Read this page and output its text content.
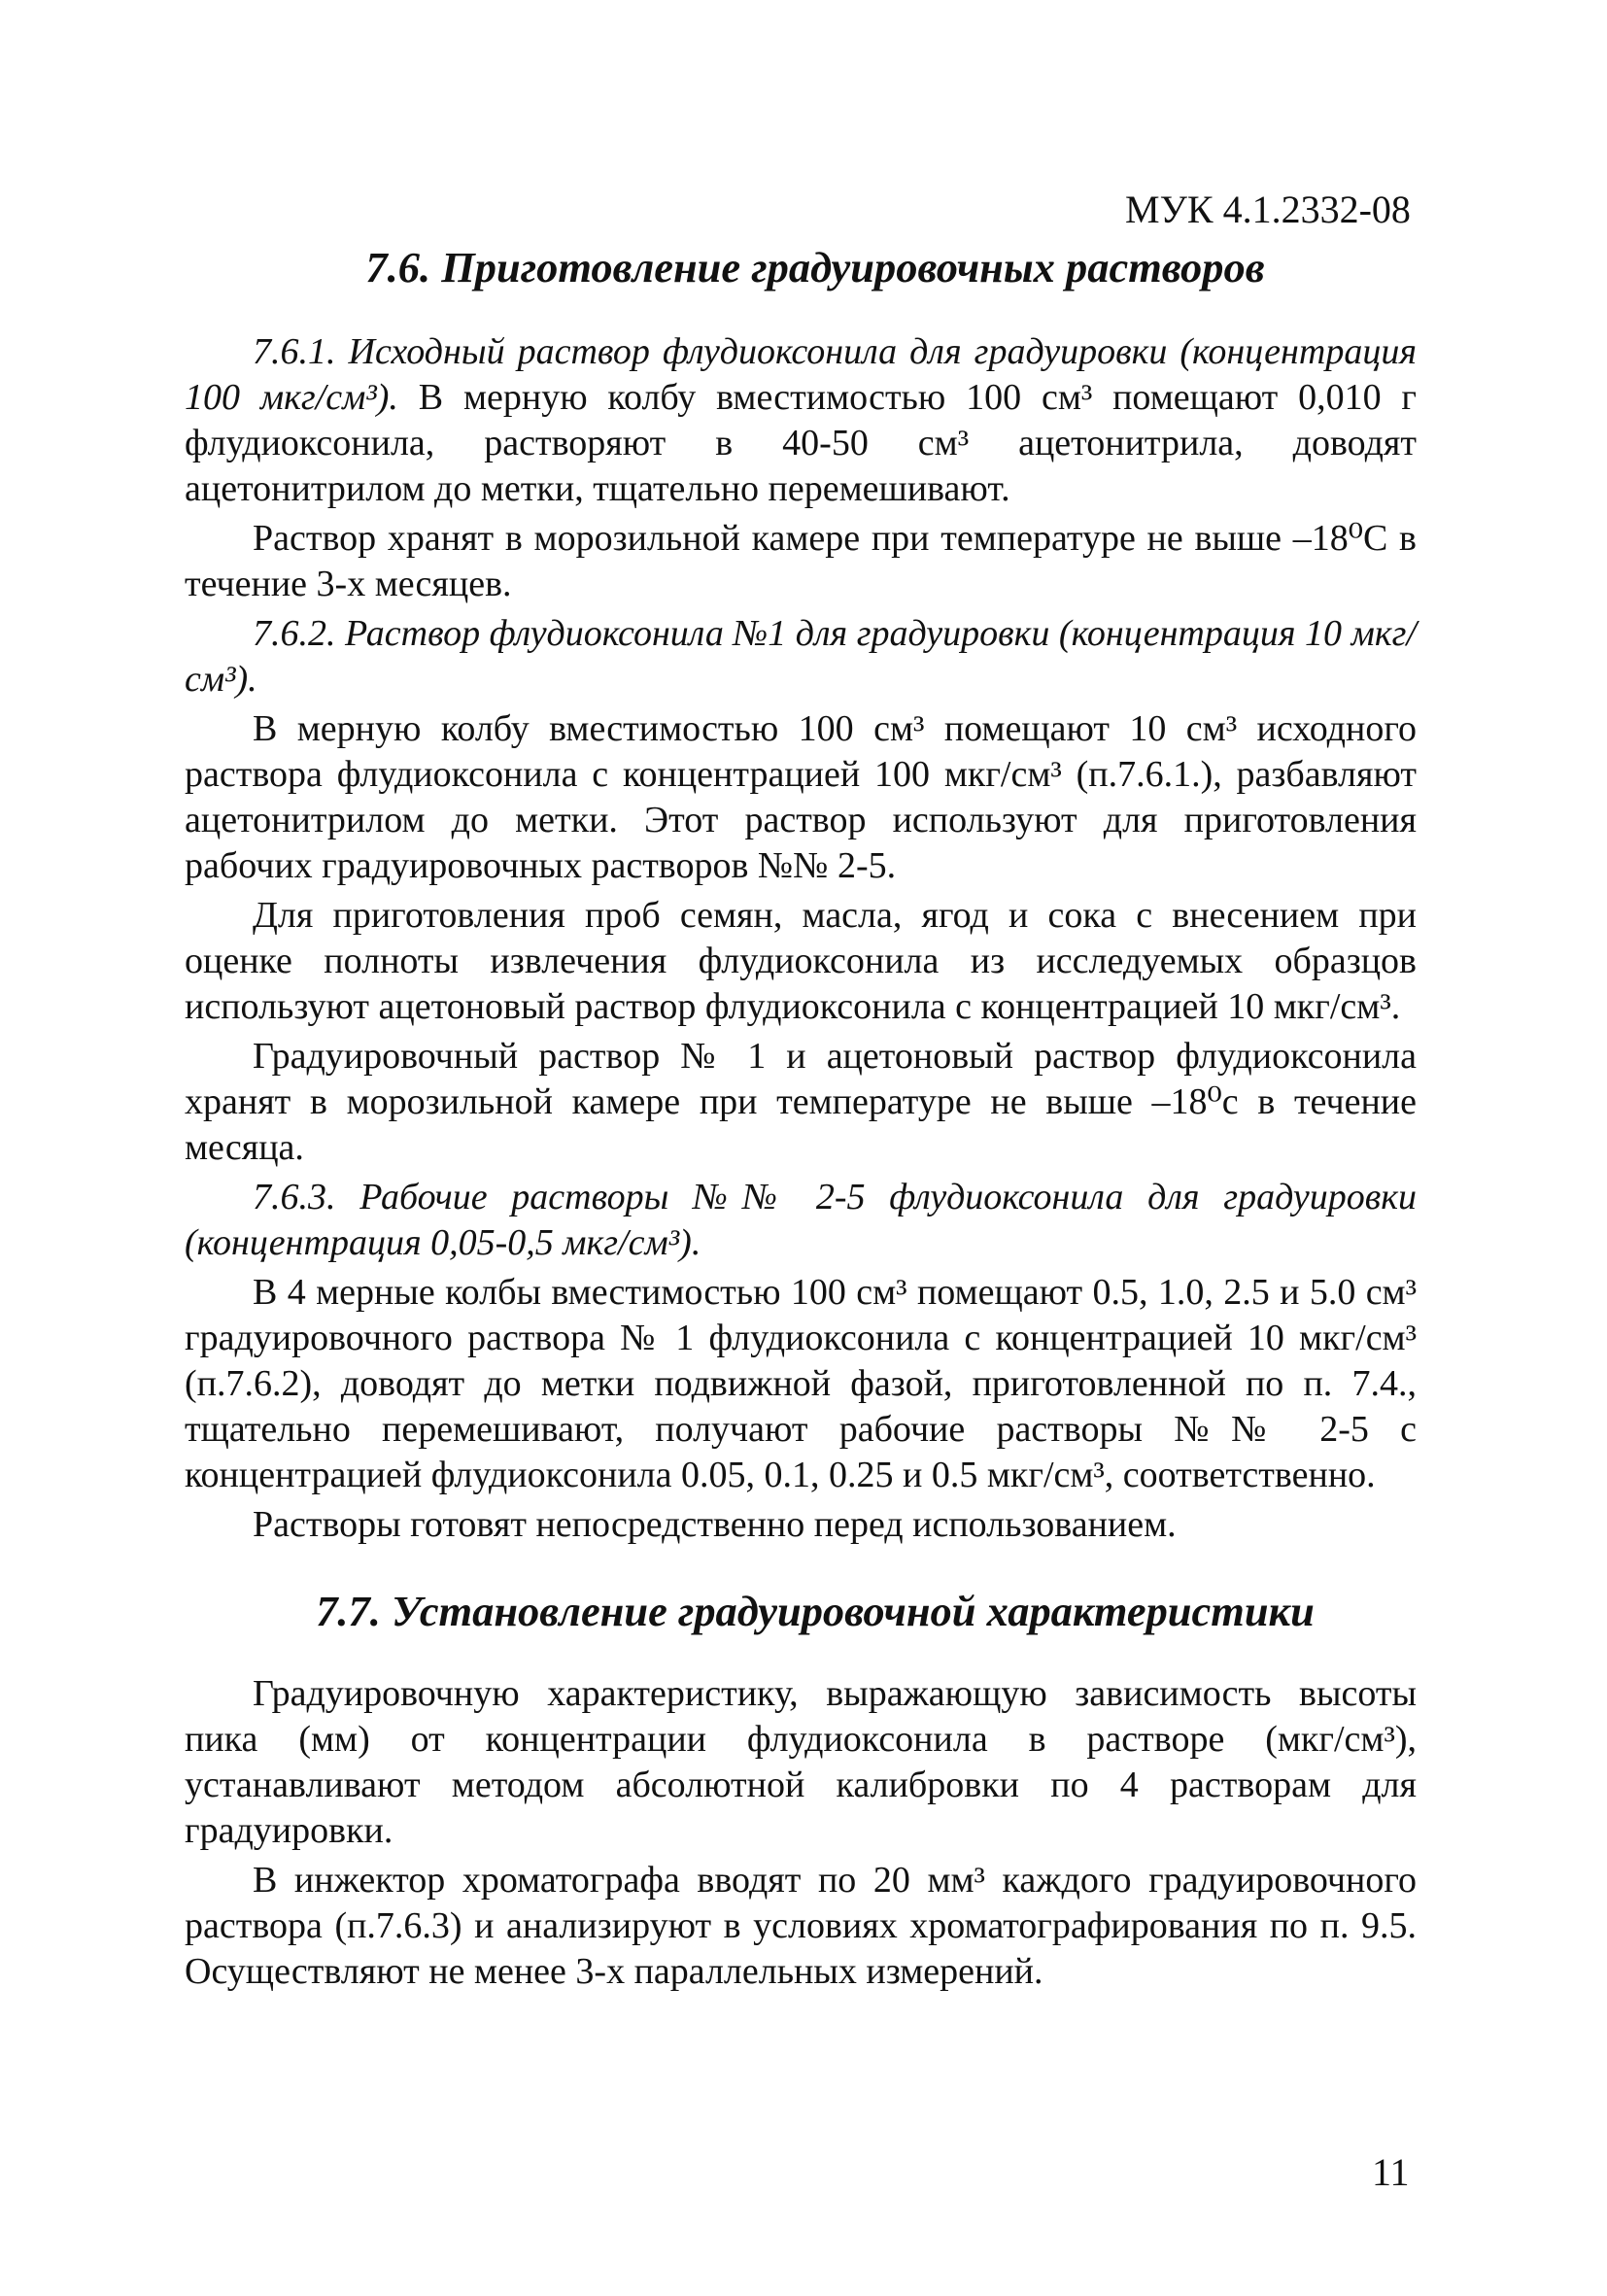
МУК 4.1.2332-08
7.6. Приготовление градуировочных растворов

7.6.1. Исходный раствор флудиоксонила для градуировки (концентрация 100 мкг/см³). В мерную колбу вместимостью 100 см³ помещают 0,010 г флудиоксонила, растворяют в 40-50 см³ ацетонитрила, доводят ацетонитрилом до метки, тщательно перемешивают.

Раствор хранят в морозильной камере при температуре не выше –18⁰С в течение 3-х месяцев.

7.6.2. Раствор флудиоксонила №1 для градуировки (концентрация 10 мкг/см³).

В мерную колбу вместимостью 100 см³ помещают 10 см³ исходного раствора флудиоксонила с концентрацией 100 мкг/см³ (п.7.6.1.), разбавляют ацетонитрилом до метки. Этот раствор используют для приготовления рабочих градуировочных растворов №№ 2-5.

Для приготовления проб семян, масла, ягод и сока с внесением при оценке полноты извлечения флудиоксонила из исследуемых образцов используют ацетоновый раствор флудиоксонила с концентрацией 10 мкг/см³.

Градуировочный раствор № 1 и ацетоновый раствор флудиоксонила хранят в морозильной камере при температуре не выше –18⁰с в течение месяца.

7.6.3. Рабочие растворы №№ 2-5 флудиоксонила для градуировки (концентрация 0,05-0,5 мкг/см³).

В 4 мерные колбы вместимостью 100 см³ помещают 0.5, 1.0, 2.5 и 5.0 см³ градуировочного раствора № 1 флудиоксонила с концентрацией 10 мкг/см³ (п.7.6.2), доводят до метки подвижной фазой, приготовленной по п. 7.4., тщательно перемешивают, получают рабочие растворы №№ 2-5 с концентрацией флудиоксонила 0.05, 0.1, 0.25 и 0.5 мкг/см³, соответственно.

Растворы готовят непосредственно перед использованием.

7.7. Установление градуировочной характеристики

Градуировочную характеристику, выражающую зависимость высоты пика (мм) от концентрации флудиоксонила в растворе (мкг/см³), устанавливают методом абсолютной калибровки по 4 растворам для градуировки.

В инжектор хроматографа вводят по 20 мм³ каждого градуировочного раствора (п.7.6.3) и анализируют в условиях хроматографирования по п. 9.5. Осуществляют не менее 3-х параллельных измерений.

11
